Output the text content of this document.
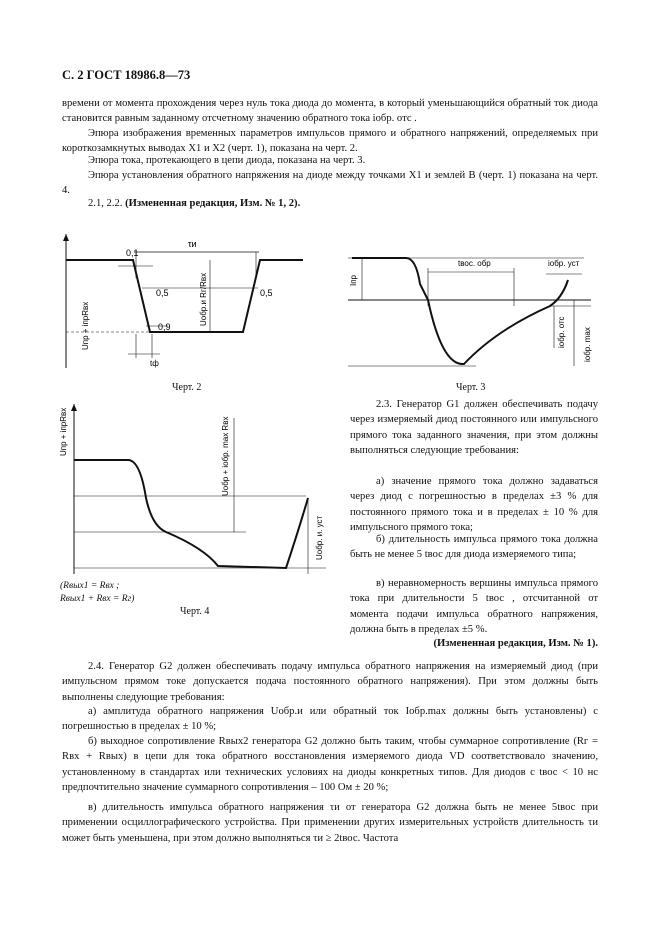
С. 2 ГОСТ 18986.8—73
времени от момента прохождения через нуль тока диода до момента, в который уменьшающийся обратный ток диода становится равным заданному отсчетному значению обратного тока iобр. отс .
Эпюра изображения временных параметров импульсов прямого и обратного напряжений, определяемых при короткозамкнутых выводах X1 и X2 (черт. 1), показана на черт. 2.
Эпюра тока, протекающего в цепи диода, показана на черт. 3.
Эпюра установления обратного напряжения на диоде между точками X1 и землей B (черт. 1) показана на черт. 4.
2.1, 2.2. (Измененная редакция, Изм. № 1, 2).
τи
0,1
0,5	0,5
0,9
tф
Uпр + iпрRвх	Uобр.и Rг/Rвх
Черт. 2
Iпр
tвос. обр	iобр. уст
iобр. отс iобр. max
Черт. 3
Uпр + iпрRвх	Uобр + iобр. max Rвх
Uобр. и. уст
(Rвых1 = Rвх ;
Rвых1 + Rвх = Rг)
Черт. 4
2.3. Генератор G1 должен обеспечивать подачу через измеряемый диод постоянного или импульсного прямого тока заданного значения, при этом должны выполняться следующие требования:
а) значение прямого тока должно задаваться через диод с погрешностью в пределах ±3 % для постоянного прямого тока и в пределах ± 10 % для импульсного прямого тока;
б) длительность импульса прямого тока должна быть не менее 5 tвос для диода измеряемого типа;
в) неравномерность вершины импульса прямого тока при длительности 5 tвос , отсчитанной от момента подачи импульса обратного напряжения, должна быть в пределах ±5 %.
(Измененная редакция, Изм. № 1).
2.4. Генератор G2 должен обеспечивать подачу импульса обратного напряжения на измеряемый диод (при импульсном прямом токе допускается подача постоянного обратного напряжения). При этом должны быть выполнены следующие требования:
а) амплитуда обратного напряжения Uобр.и или обратный ток Iобр.max должны быть установлены) с погрешностью в пределах ± 10 %;
б) выходное сопротивление Rвых2 генератора G2 должно быть таким, чтобы суммарное сопротивление (Rг = Rвх + Rвых) в цепи для тока обратного восстановления измеряемого диода VD соответствовало значению, установленному в стандартах или технических условиях на диоды конкретных типов. Для диодов с tвос < 10 нс предпочтительно значение суммарного сопротивления – 100 Ом ± 20 %;
в) длительность импульса обратного напряжения τи от генератора G2 должна быть не менее 5tвос при применении осциллографического устройства. При применении других измерительных устройств длительность τи может быть уменьшена, при этом должно выполняться τи ≥ 2tвос. Частота
